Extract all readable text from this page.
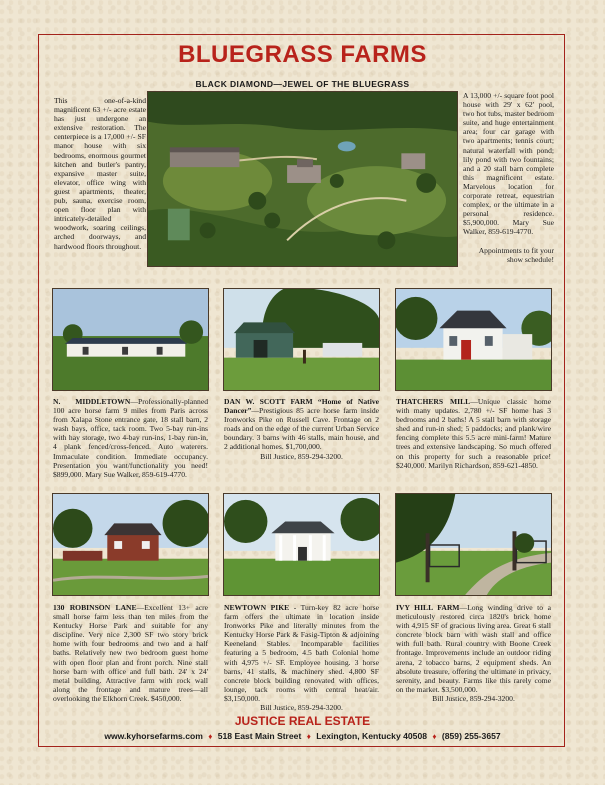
BLUEGRASS FARMS
BLACK DIAMOND—JEWEL OF THE BLUEGRASS
This one-of-a-kind magnificent 63 +/- acre estate has just undergone an extensive restoration. The centerpiece is a 17,000 +/- SF manor house with six bedrooms, enormous gourmet kitchen and butler's pantry, expansive master suite, elevator, office wing with guest apartments, theater, pub, sauna, exercise room, open floor plan with intricately-detailed woodwork, soaring ceilings, arched doorways, and hardwood floors throughout.
A 13,000 +/- square foot pool house with 29' x 62' pool, two hot tubs, master bedroom suite, and huge entertainment area; four car garage with two apartments; tennis court; natural waterfall with pond; lily pond with two fountains; and a 20 stall barn complete this magnificent estate. Marvelous location for corporate retreat, equestrian complex, or the ultimate in a personal residence. $5,900,000. Mary Sue Walker, 859-619-4770.
Appointments to fit your show schedule!
N. MIDDLETOWN—Professionally-planned 100 acre horse farm 9 miles from Paris across from Xalapa Stone entrance gate, 18 stall barn, 2 wash bays, office, tack room. Two 5-bay run-ins with hay storage, two 4-bay run-ins, 1-bay run-in, 4 plank fenced/cross-fenced. Auto waterers. Immaculate condition. Immediate occupancy. Presentation you want/functionality you need! $899,000. Mary Sue Walker, 859-619-4770.
DAN W. SCOTT FARM “Home of Native Dancer”—Prestigious 85 acre horse farm inside Ironworks Pike on Russell Cave. Frontage on 2 roads and on the edge of the current Urban Service boundary. 3 barns with 46 stalls, main house, and 2 additional homes. $1,700,000.
Bill Justice, 859-294-3200.
THATCHERS MILL—Unique classic home with many updates. 2,780 +/- SF home has 3 bedrooms and 2 baths! A 5 stall barn with storage shed and run-in shed; 5 paddocks; and plank/wire fencing complete this 5.5 acre mini-farm! Mature trees and extensive landscaping. So much offered on this property for such a reasonable price! $240,000. Marilyn Richardson, 859-621-4850.
130 ROBINSON LANE—Excellent 13+ acre small horse farm less than ten miles from the Kentucky Horse Park and suitable for any discipline. Very nice 2,300 SF two story brick home with four bedrooms and two and a half baths. Relatively new two bedroom guest home with open floor plan and front porch. Nine stall horse barn with office and full bath. 24' x 24' metal building. Attractive farm with rock wall along the frontage and mature trees—all overlooking the Elkhorn Creek. $450,000.
NEWTOWN PIKE - Turn-key 82 acre horse farm offers the ultimate in location inside Ironworks Pike and literally minutes from the Kentucky Horse Park & Fasig-Tipton & adjoining Keeneland Stables. Incomparable facilities featuring a 5 bedroom, 4.5 bath Colonial home with 4,975 +/- SF. Employee housing. 3 horse barns, 41 stalls, & machinery shed. 4,800 SF concrete block building renovated with offices, lounge, tack rooms with central heat/air. $3,150,000.
Bill Justice, 859-294-3200.
IVY HILL FARM—Long winding drive to a meticulously restored circa 1820's brick home with 4,915 SF of gracious living area. Great 6 stall concrete block barn with wash stall and office with full bath. Rural country with Boone Creek frontage. Improvements include an outdoor riding arena, 2 tobacco barns, 2 equipment sheds. An absolute treasure, offering the ultimate in privacy, serenity, and beauty. Farms like this rarely come on the market. $3,500,000.
Bill Justice, 859-294-3200.
JUSTICE REAL ESTATE
www.kyhorsefarms.com ♦ 518 East Main Street ♦ Lexington, Kentucky 40508 ♦ (859) 255-3657
